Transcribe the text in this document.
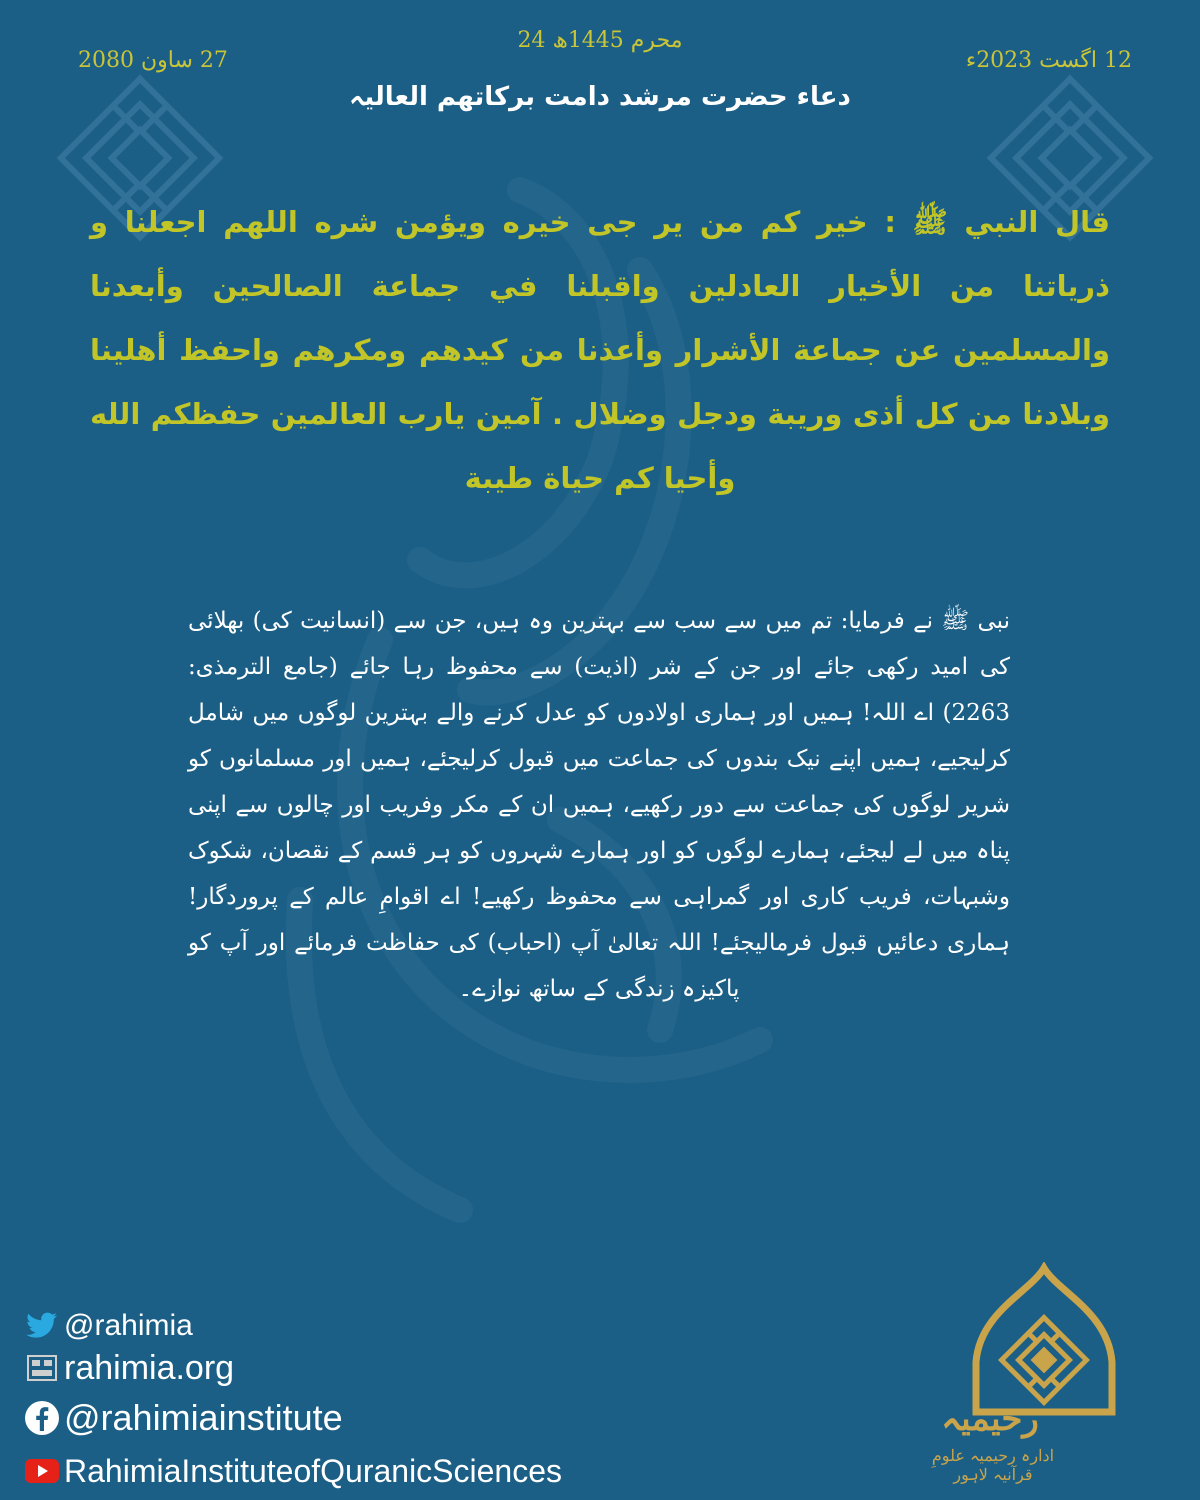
24 محرم 1445ھ
12 اگست 2023ء
27 ساون 2080
دعاء حضرت مرشد دامت برکاتھم العالیہ
قال النبي ﷺ : خير كم من ير جى خيره ويؤمن شره اللهم اجعلنا و ذرياتنا من الأخيار العادلين واقبلنا في جماعة الصالحين وأبعدنا والمسلمين عن جماعة الأشرار وأعذنا من كيدهم ومكرهم واحفظ أهلينا وبلادنا من كل أذى وريبة ودجل وضلال . آمين يارب العالمين حفظكم الله وأحيا كم حياة طيبة
نبی ﷺ نے فرمایا: تم میں سے سب سے بہترین وہ ہیں، جن سے (انسانیت کی) بھلائی کی امید رکھی جائے اور جن کے شر (اذیت) سے محفوظ رہا جائے (جامع الترمذی: 2263) اے اللہ! ہمیں اور ہماری اولادوں کو عدل کرنے والے بہترین لوگوں میں شامل کرلیجیے، ہمیں اپنے نیک بندوں کی جماعت میں قبول کرلیجئے، ہمیں اور مسلمانوں کو شریر لوگوں کی جماعت سے دور رکھیے، ہمیں ان کے مکر وفریب اور چالوں سے اپنی پناہ میں لے لیجئے، ہمارے لوگوں کو اور ہمارے شہروں کو ہر قسم کے نقصان، شکوک وشبہات، فریب کاری اور گمراہی سے محفوظ رکھیے! اے اقوامِ عالم کے پروردگار! ہماری دعائیں قبول فرمالیجئے! اللہ تعالیٰ آپ (احباب) کی حفاظت فرمائے اور آپ کو پاکیزہ زندگی کے ساتھ نوازے۔
@rahimia
rahimia.org
@rahimiainstitute
RahimiaInstituteofQuranicSciences
رحیمیہ
ادارہ رحیمیہ علومِ قرآنیہ لاہور
